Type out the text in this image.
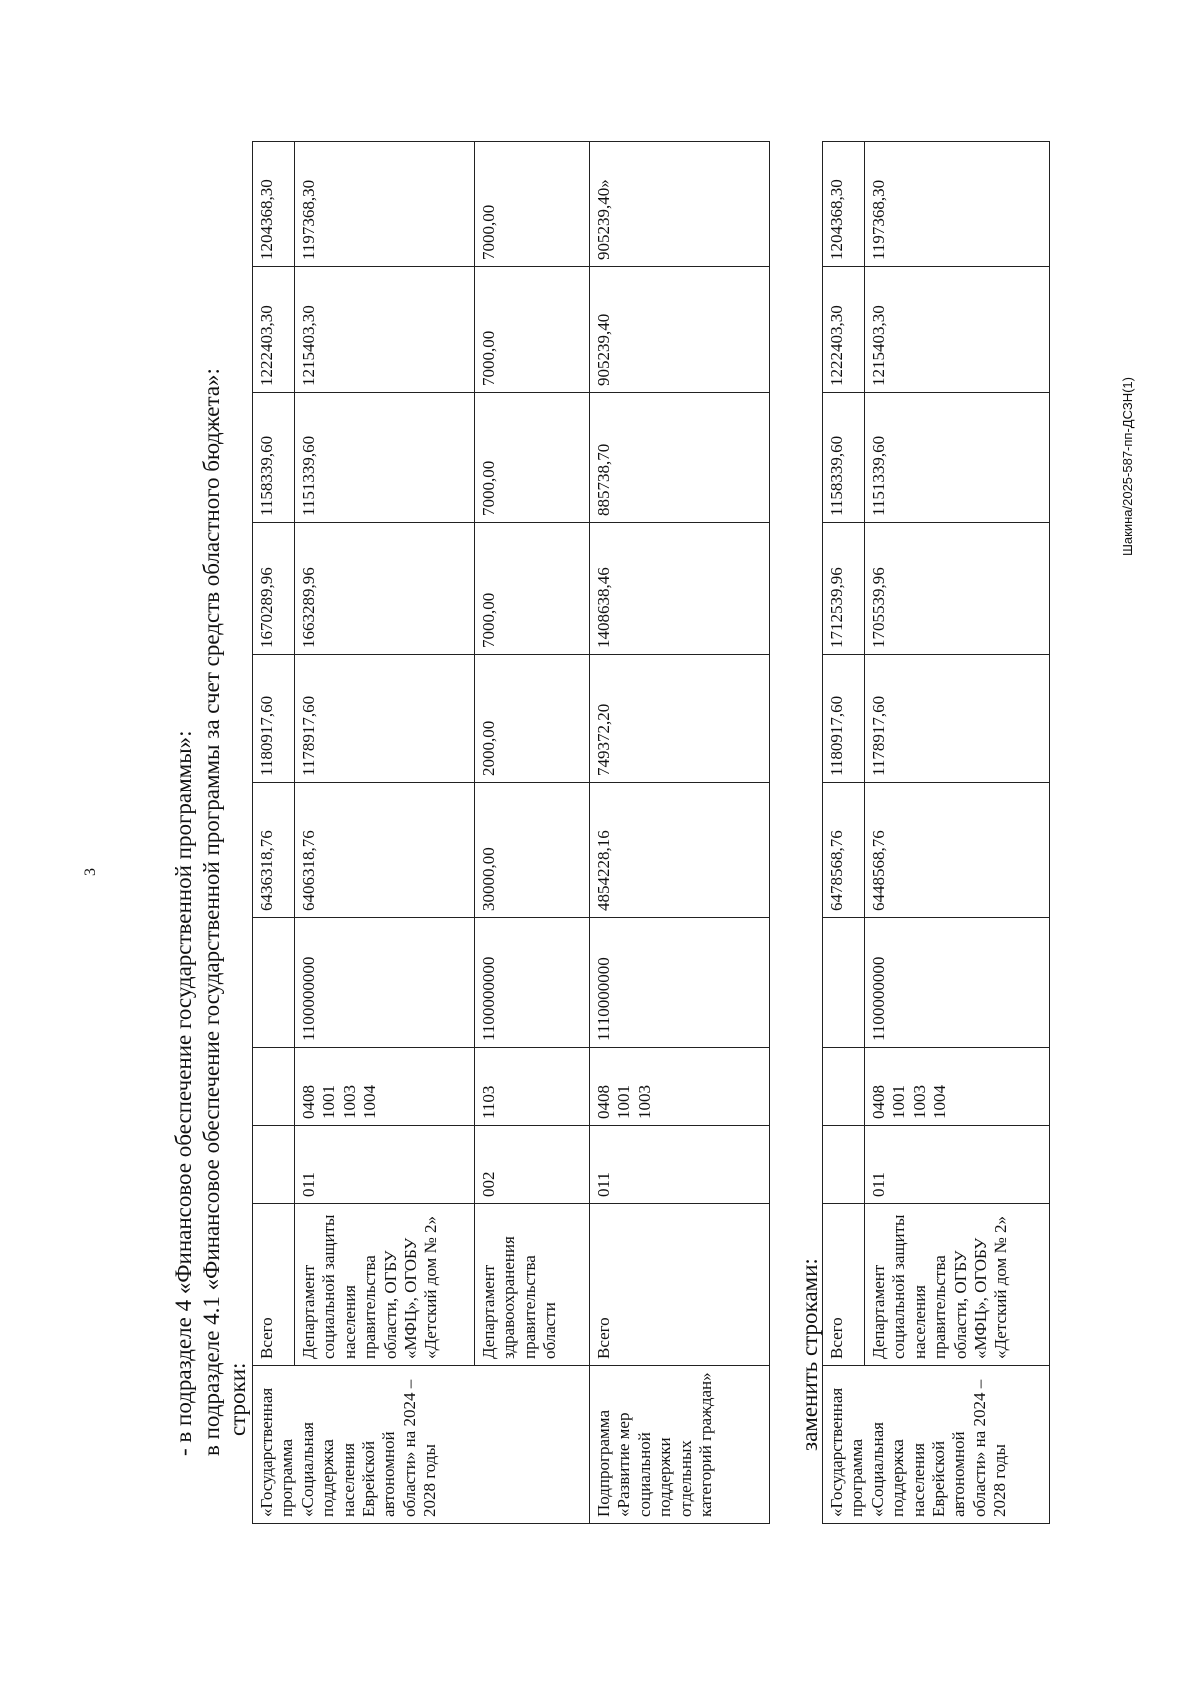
3	- в подразделе 4 «Финансовое обеспечение государственной программы»: в подразделе 4.1 «Финансовое обеспечение государственной программы за счет средств областного бюджета»: строки: «Государственная программа «Социальная поддержка населения Еврейской автономной области» на 2024 – 2028 годы	Всего				6436318,76	1180917,60	1670289,96	1158339,60	1222403,30	1204368,30
	Департамент социальной защиты населения правительства области, ОГБУ «МФЦ», ОГОБУ «Детский дом № 2»	011	0408
1001
1003
1004	1100000000	6406318,76	1178917,60	1663289,96	1151339,60	1215403,30	1197368,30
	Департамент здравоохранения правительства области	002	1103	1100000000	30000,00	2000,00	7000,00	7000,00	7000,00	7000,00
Подпрограмма «Развитие мер социальной поддержки отдельных категорий граждан»	Всего	011	0408
1001
1003	1110000000	4854228,16	749372,20	1408638,46	885738,70	905239,40	905239,40»
заменить строками:
«Государственная программа «Социальная поддержка населения Еврейской автономной области» на 2024 – 2028 годы	Всего				6478568,76	1180917,60	1712539,96	1158339,60	1222403,30	1204368,30
	Департамент социальной защиты населения правительства области, ОГБУ «МФЦ», ОГОБУ «Детский дом № 2»	011	0408
1001
1003
1004	1100000000	6448568,76	1178917,60	1705539,96	1151339,60	1215403,30	1197368,30
Шакина/2025-587-пп-ДСЗН(1)
